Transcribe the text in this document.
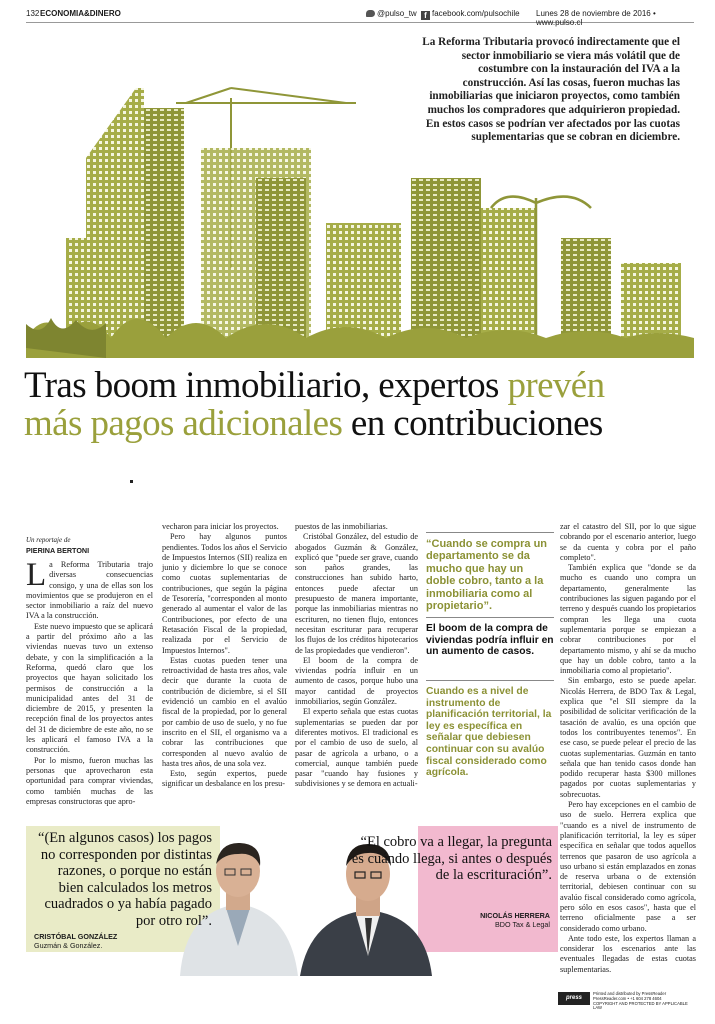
132 ECONOMIA&DINERO	@pulso_tw f facebook.com/pulsochile Lunes 28 de noviembre de 2016 • www.pulso.cl
La Reforma Tributaria provocó indirectamente que el sector inmobiliario se viera más volátil que de costumbre con la instauración del IVA a la construcción. Así las cosas, fueron muchas las inmobiliarias que iniciaron proyectos, como también muchos los compradores que adquirieron propiedad. En estos casos se podrían ver afectados por las cuotas suplementarias que se cobran en diciembre.
Tras boom inmobiliario, expertos prevén
más pagos adicionales en contribuciones
Un reportaje de
PIERINA BERTONI

La Reforma Tributaria trajo diversas consecuencias consigo, y una de ellas son los movimientos que se produjeron en el sector inmobiliario a raíz del nuevo IVA a la construcción.

Este nuevo impuesto que se aplicará a partir del próximo año a las viviendas nuevas tuvo un extenso debate, y con la simplificación a la Reforma, quedó claro que los proyectos que hayan solicitado los permisos de construcción a la municipalidad antes del 31 de diciembre de 2015, y presenten la recepción final de los proyectos antes del 31 de diciembre de este año, no se les aplicará el famoso IVA a la construcción.

Por lo mismo, fueron muchas las personas que aprovecharon esta oportunidad para comprar viviendas, como también muchas de las empresas constructoras que apro-

vecharon para iniciar los proyectos.

Pero hay algunos puntos pendientes. Todos los años el Servicio de Impuestos Internos (SII) realiza en junio y diciembre lo que se conoce como cuotas suplementarias de contribuciones, que según la página de Tesorería, "corresponden al monto generado al aumentar el valor de las Contribuciones, por efecto de una Retasación Fiscal de la propiedad, realizada por el Servicio de Impuestos Internos".

Estas cuotas pueden tener una retroactividad de hasta tres años, vale decir que durante la cuota de contribución de diciembre, si el SII evidenció un cambio en el avalúo fiscal de la propiedad, por lo general por cambio de uso de suelo, y no fue inscrito en el SII, el organismo va a cobrar las contribuciones que corresponden al nuevo avalúo de hasta tres años, de una sola vez.

Esto, según expertos, puede significar un desbalance en los presu-

puestos de las inmobiliarias.

Cristóbal González, del estudio de abogados Guzmán & González, explicó que "puede ser grave, cuando son paños grandes, las construcciones han subido harto, entonces puede afectar un presupuesto de manera importante, porque las inmobiliarias mientras no escrituren, no tienen flujo, entonces necesitan escriturar para recuperar los flujos de los créditos hipotecarios de las propiedades que vendieron".

El boom de la compra de viviendas podría influir en un aumento de casos, porque hubo una mayor cantidad de proyectos inmobiliarios, según González.

El experto señala que estas cuotas suplementarias se pueden dar por diferentes motivos. El tradicional es por el cambio de uso de suelo, al pasar de agrícola a urbano, o a comercial, aunque también puede pasar "cuando hay fusiones y subdivisiones y se demora en actuali-

“Cuando se compra un departamento se da mucho que hay un doble cobro, tanto a la inmobiliaria como al propietario”.
El boom de la compra de viviendas podría influir en un aumento de casos.
Cuando es a nivel de instrumento de planificación territorial, la ley es específica en señalar que debiesen continuar con su avalúo fiscal considerado como agrícola.

zar el catastro del SII, por lo que sigue cobrando por el escenario anterior, luego se da cuenta y cobra por el paño completo".

También explica que "donde se da mucho es cuando uno compra un departamento, generalmente las contribuciones las siguen pagando por el terreno y después cuando los propietarios compran les llega una cuota suplementaria porque se empiezan a cobrar contribuciones por el departamento mismo, y ahí se da mucho que hay un doble cobro, tanto a la inmobiliaria como al propietario".

Sin embargo, esto se puede apelar. Nicolás Herrera, de BDO Tax & Legal, explica que "el SII siempre da la posibilidad de solicitar verificación de la tasación de avalúo, es una opción que todos los contribuyentes tenemos". En ese caso, se puede pelear el precio de las cuotas suplementarias. Guzmán en tanto señala que han tenido casos donde han podido recuperar hasta $300 millones pagados por cuotas suplementarias y sobrecuotas.

Pero hay excepciones en el cambio de uso de suelo. Herrera explica que "cuando es a nivel de instrumento de planificación territorial, la ley es súper específica en señalar que todos aquellos terrenos que pasaron de uso agrícola a uso urbano si están emplazados en zonas de reserva urbana o de extensión territorial, debiesen continuar con su avalúo fiscal considerado como agrícola, pero sólo en esos casos", hasta que el terreno oficialmente pase a ser considerado como urbano.

Ante todo este, los expertos llaman a considerar los escenarios ante las eventuales llegadas de estas cuotas suplementarias.

“(En algunos casos) los pagos no corresponden por distintas razones, o porque no están bien calculados los metros cuadrados o ya había pagado por otro rol”.
CRISTÓBAL GONZÁLEZ
Guzmán & González.
“El cobro va a llegar, la pregunta es cuándo llega, si antes o después de la escrituración”.
NICOLÁS HERRERA
BDO Tax & Legal
press reader
Printed and distributed by PressReader
PressReader.com • +1 604 278 4604
COPYRIGHT AND PROTECTED BY APPLICABLE LAW
